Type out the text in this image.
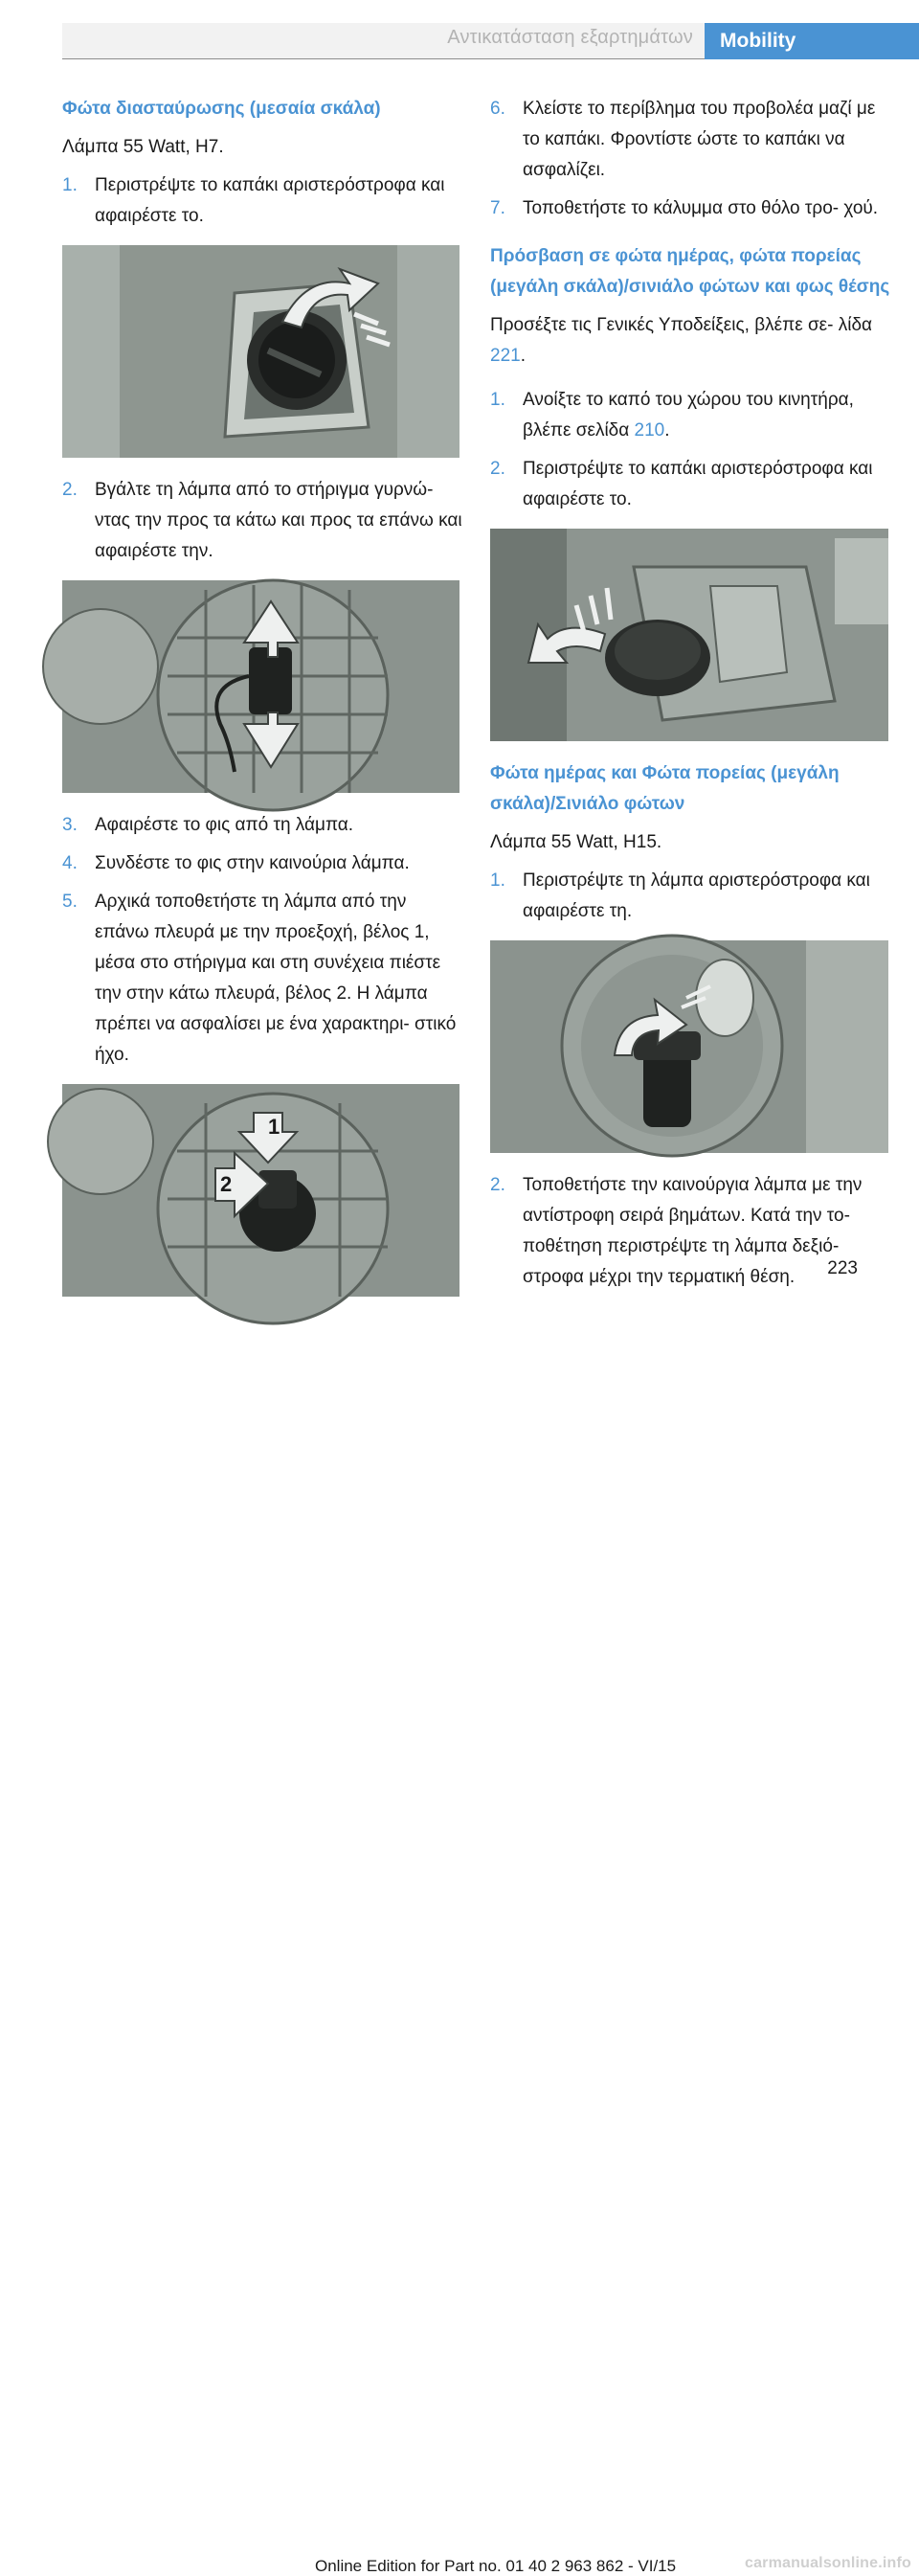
Αντικατάσταση εξαρτημάτων Mobility
Φώτα διασταύρωσης (μεσαία σκάλα)
Λάμπα 55 Watt, H7.
1. Περιστρέψτε το καπάκι αριστερόστροφα και αφαιρέστε το.
2. Βγάλτε τη λάμπα από το στήριγμα γυρνώ‐ ντας την προς τα κάτω και προς τα επάνω και αφαιρέστε την.
3. Αφαιρέστε το φις από τη λάμπα.
4. Συνδέστε το φις στην καινούρια λάμπα.
5. Αρχικά τοποθετήστε τη λάμπα από την επάνω πλευρά με την προεξοχή, βέλος 1, μέσα στο στήριγμα και στη συνέχεια πιέστε την στην κάτω πλευρά, βέλος 2. Η λάμπα πρέπει να ασφαλίσει με ένα χαρακτηρι‐ στικό ήχο.
1
2
6. Κλείστε το περίβλημα του προβολέα μαζί με το καπάκι. Φροντίστε ώστε το καπάκι να ασφαλίζει.
7. Τοποθετήστε το κάλυμμα στο θόλο τρο‐ χού.
Πρόσβαση σε φώτα ημέρας, φώτα πορείας (μεγάλη σκάλα)/σινιάλο φώτων και φως θέσης
Προσέξτε τις Γενικές Υποδείξεις, βλέπε σε‐ λίδα 221.
1. Ανοίξτε το καπό του χώρου του κινητήρα, βλέπε σελίδα 210.
2. Περιστρέψτε το καπάκι αριστερόστροφα και αφαιρέστε το.
Φώτα ημέρας και Φώτα πορείας (μεγάλη σκάλα)/Σινιάλο φώτων
Λάμπα 55 Watt, H15.
1. Περιστρέψτε τη λάμπα αριστερόστροφα και αφαιρέστε τη.
2. Τοποθετήστε την καινούργια λάμπα με την αντίστροφη σειρά βημάτων. Κατά την το‐ ποθέτηση περιστρέψτε τη λάμπα δεξιό‐ στροφα μέχρι την τερματική θέση.	223
Online Edition for Part no. 01 40 2 963 862 - VI/15	carmanualsonline.info
